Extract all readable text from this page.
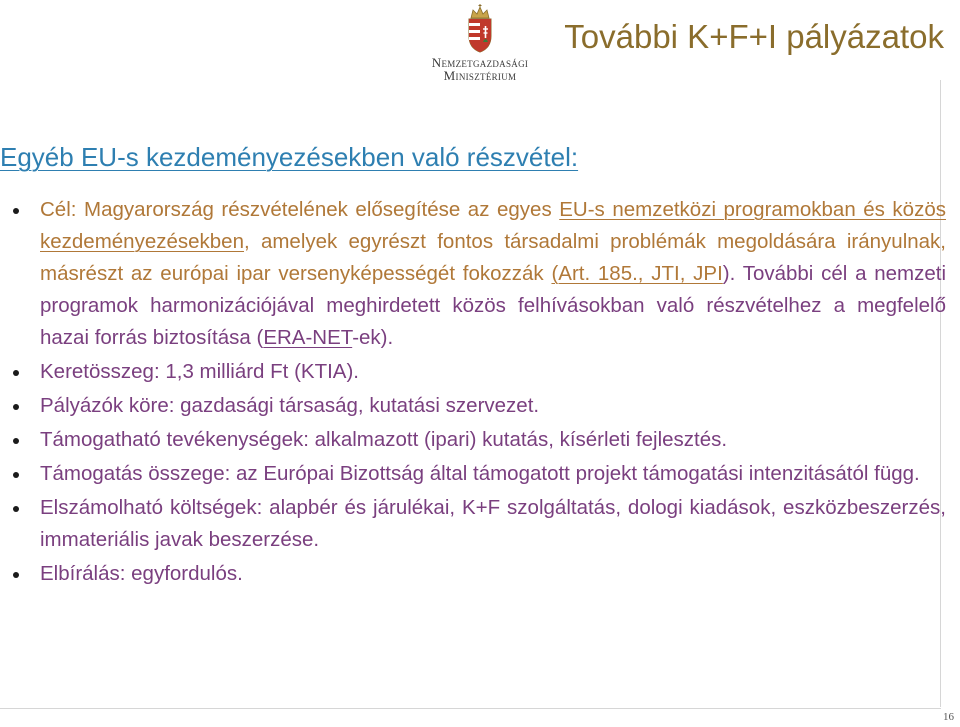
Nemzetgazdasági
Minisztérium
További K+F+I pályázatok
16
Egyéb EU-s kezdeményezésekben való részvétel:
Cél: Magyarország részvételének elősegítése az egyes EU-s nemzetközi programokban és közös kezdeményezésekben, amelyek egyrészt fontos társadalmi problémák megoldására irányulnak, másrészt az európai ipar versenyképességét fokozzák (Art. 185., JTI, JPI). További cél a nemzeti programok harmonizációjával meghirdetett közös felhívásokban való részvételhez a megfelelő hazai forrás biztosítása (ERA-NET-ek).
Keretösszeg: 1,3 milliárd Ft (KTIA).
Pályázók köre: gazdasági társaság, kutatási szervezet.
Támogatható tevékenységek: alkalmazott (ipari) kutatás, kísérleti fejlesztés.
Támogatás összege: az Európai Bizottság által támogatott projekt támogatási intenzitásától függ.
Elszámolható költségek: alapbér és járulékai, K+F szolgáltatás, dologi kiadások, eszközbeszerzés, immateriális javak beszerzése.
Elbírálás: egyfordulós.
